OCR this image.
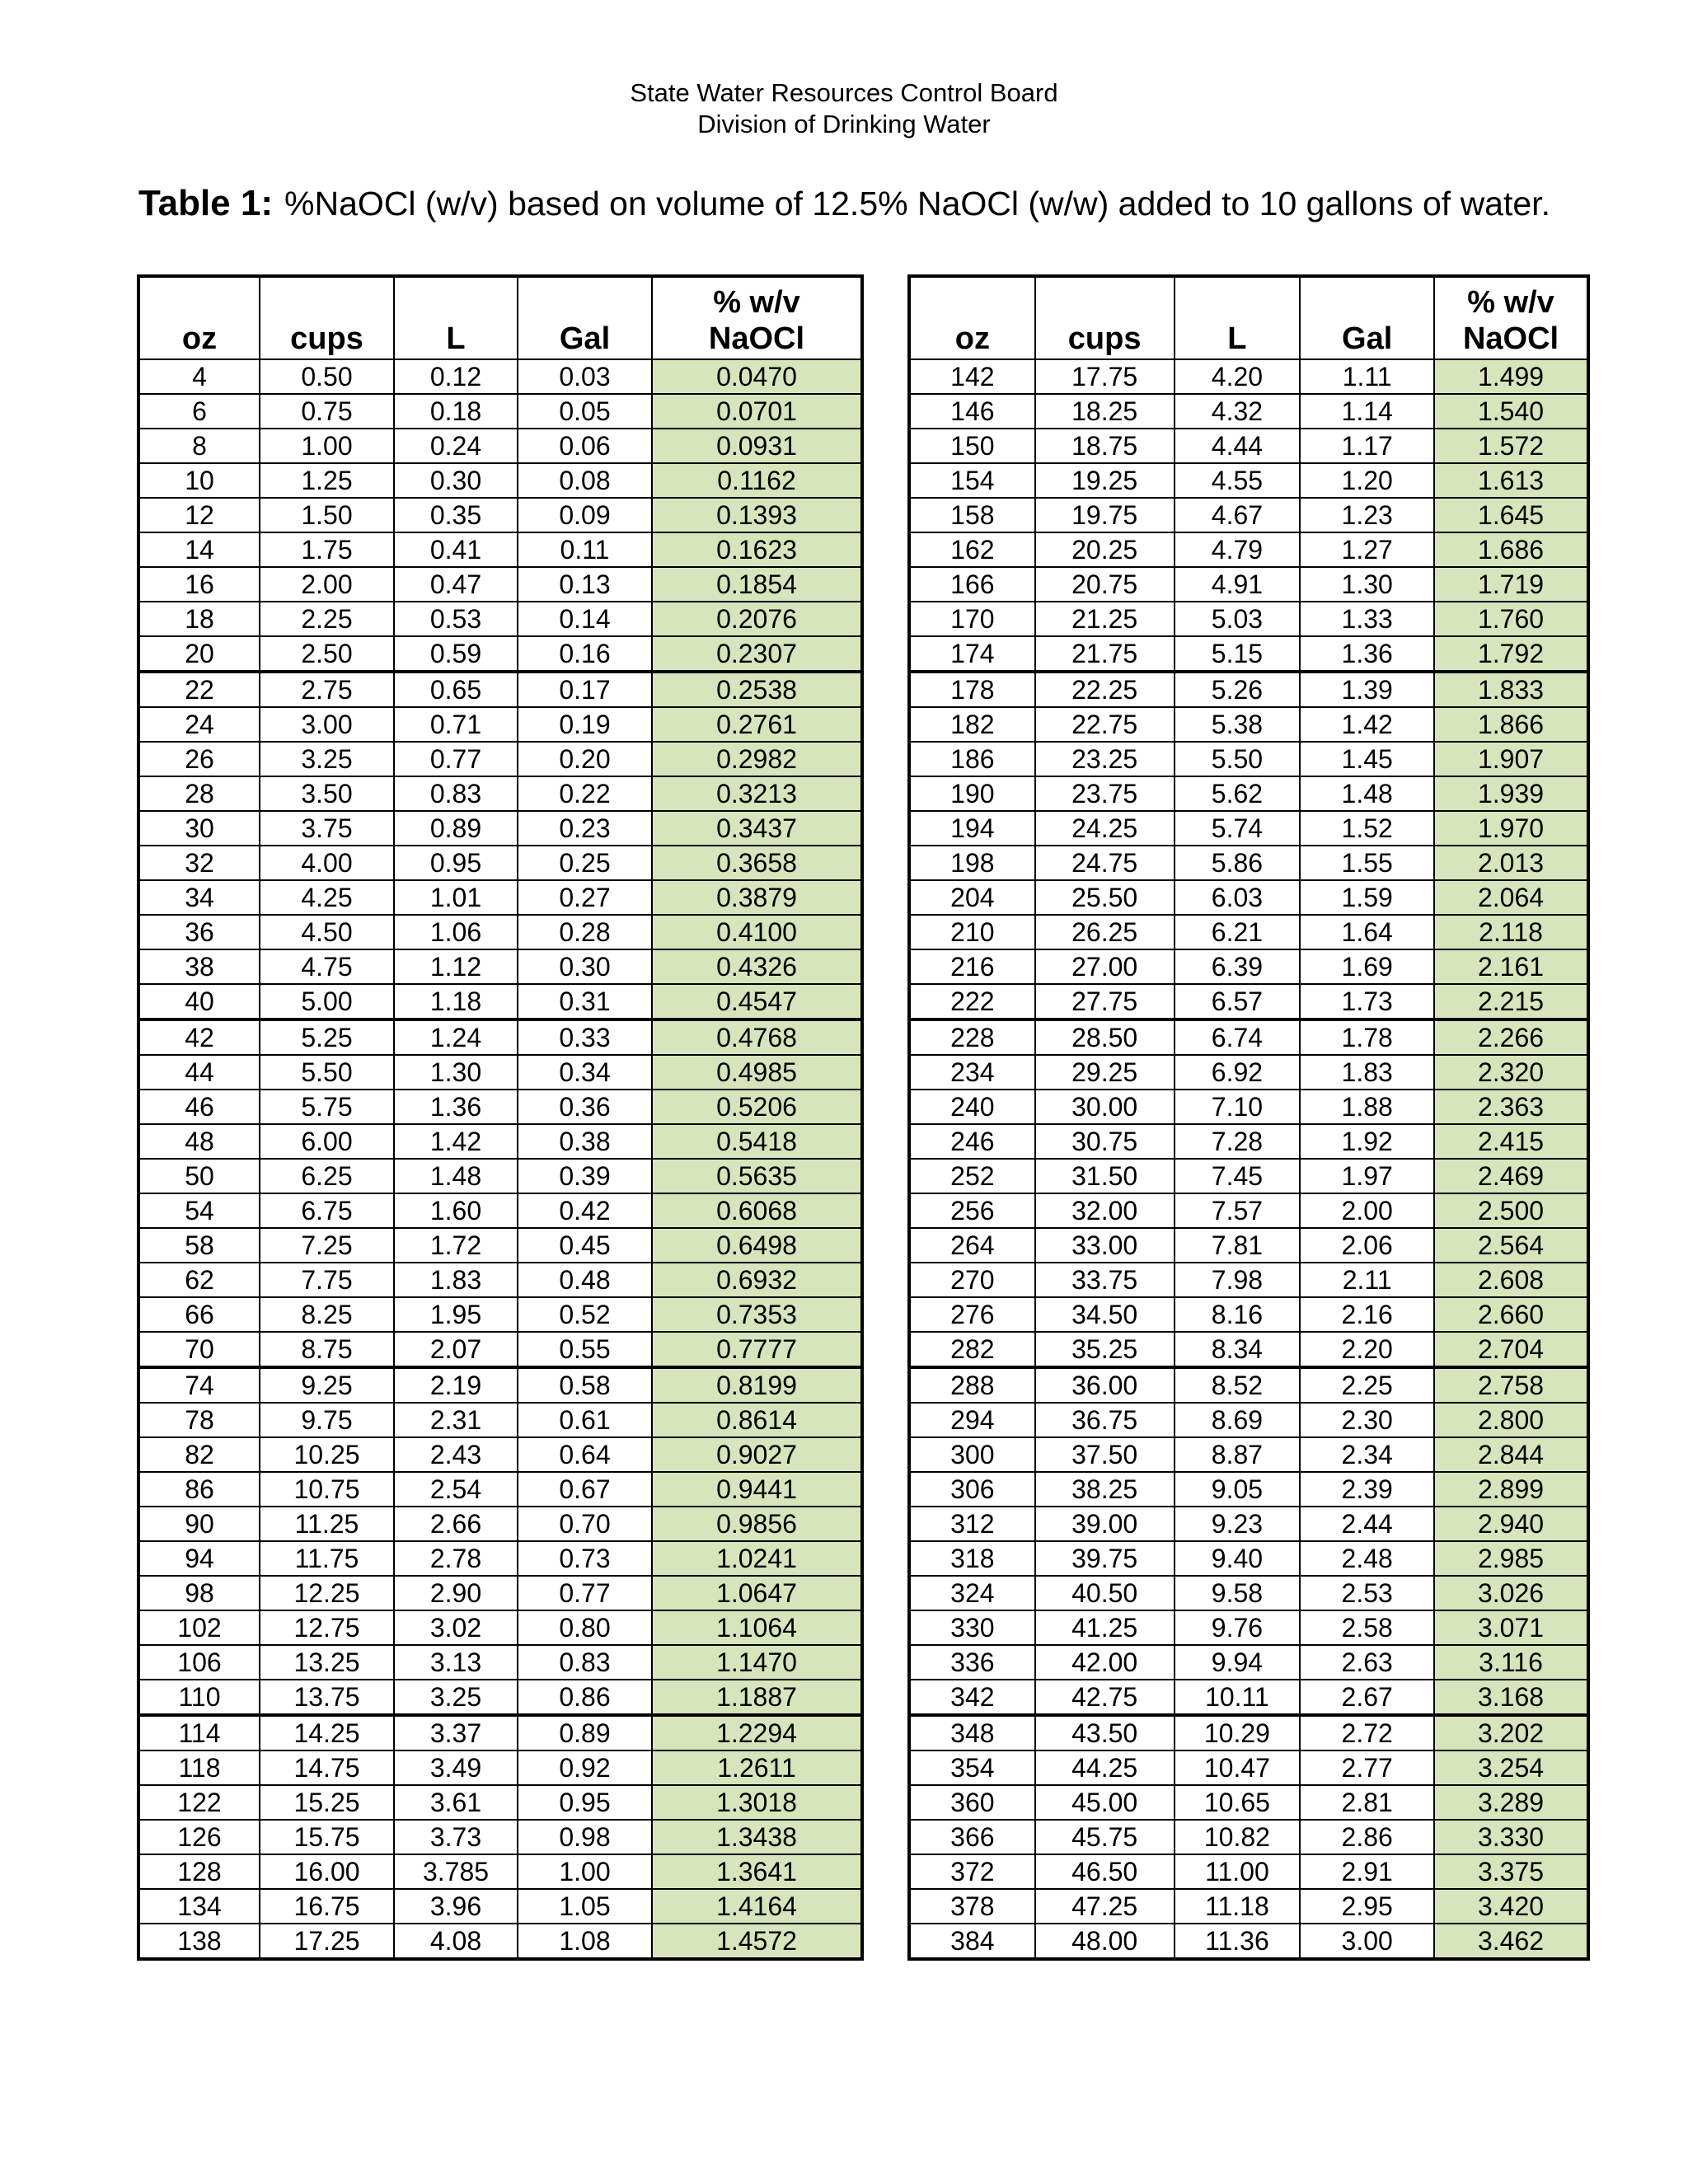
State Water Resources Control Board
Division of Drinking Water
Table 1: %NaOCl (w/v) based on volume of 12.5% NaOCl (w/w) added to 10 gallons of water.
oz	cups	L	Gal	% w/v
NaOCl
4	0.50	0.12	0.03	0.0470
6	0.75	0.18	0.05	0.0701
8	1.00	0.24	0.06	0.0931
10	1.25	0.30	0.08	0.1162
12	1.50	0.35	0.09	0.1393
14	1.75	0.41	0.11	0.1623
16	2.00	0.47	0.13	0.1854
18	2.25	0.53	0.14	0.2076
20	2.50	0.59	0.16	0.2307
22	2.75	0.65	0.17	0.2538
24	3.00	0.71	0.19	0.2761
26	3.25	0.77	0.20	0.2982
28	3.50	0.83	0.22	0.3213
30	3.75	0.89	0.23	0.3437
32	4.00	0.95	0.25	0.3658
34	4.25	1.01	0.27	0.3879
36	4.50	1.06	0.28	0.4100
38	4.75	1.12	0.30	0.4326
40	5.00	1.18	0.31	0.4547
42	5.25	1.24	0.33	0.4768
44	5.50	1.30	0.34	0.4985
46	5.75	1.36	0.36	0.5206
48	6.00	1.42	0.38	0.5418
50	6.25	1.48	0.39	0.5635
54	6.75	1.60	0.42	0.6068
58	7.25	1.72	0.45	0.6498
62	7.75	1.83	0.48	0.6932
66	8.25	1.95	0.52	0.7353
70	8.75	2.07	0.55	0.7777
74	9.25	2.19	0.58	0.8199
78	9.75	2.31	0.61	0.8614
82	10.25	2.43	0.64	0.9027
86	10.75	2.54	0.67	0.9441
90	11.25	2.66	0.70	0.9856
94	11.75	2.78	0.73	1.0241
98	12.25	2.90	0.77	1.0647
102	12.75	3.02	0.80	1.1064
106	13.25	3.13	0.83	1.1470
110	13.75	3.25	0.86	1.1887
114	14.25	3.37	0.89	1.2294
118	14.75	3.49	0.92	1.2611
122	15.25	3.61	0.95	1.3018
126	15.75	3.73	0.98	1.3438
128	16.00	3.785	1.00	1.3641
134	16.75	3.96	1.05	1.4164
138	17.25	4.08	1.08	1.4572
oz	cups	L	Gal	% w/v
NaOCl
142	17.75	4.20	1.11	1.499
146	18.25	4.32	1.14	1.540
150	18.75	4.44	1.17	1.572
154	19.25	4.55	1.20	1.613
158	19.75	4.67	1.23	1.645
162	20.25	4.79	1.27	1.686
166	20.75	4.91	1.30	1.719
170	21.25	5.03	1.33	1.760
174	21.75	5.15	1.36	1.792
178	22.25	5.26	1.39	1.833
182	22.75	5.38	1.42	1.866
186	23.25	5.50	1.45	1.907
190	23.75	5.62	1.48	1.939
194	24.25	5.74	1.52	1.970
198	24.75	5.86	1.55	2.013
204	25.50	6.03	1.59	2.064
210	26.25	6.21	1.64	2.118
216	27.00	6.39	1.69	2.161
222	27.75	6.57	1.73	2.215
228	28.50	6.74	1.78	2.266
234	29.25	6.92	1.83	2.320
240	30.00	7.10	1.88	2.363
246	30.75	7.28	1.92	2.415
252	31.50	7.45	1.97	2.469
256	32.00	7.57	2.00	2.500
264	33.00	7.81	2.06	2.564
270	33.75	7.98	2.11	2.608
276	34.50	8.16	2.16	2.660
282	35.25	8.34	2.20	2.704
288	36.00	8.52	2.25	2.758
294	36.75	8.69	2.30	2.800
300	37.50	8.87	2.34	2.844
306	38.25	9.05	2.39	2.899
312	39.00	9.23	2.44	2.940
318	39.75	9.40	2.48	2.985
324	40.50	9.58	2.53	3.026
330	41.25	9.76	2.58	3.071
336	42.00	9.94	2.63	3.116
342	42.75	10.11	2.67	3.168
348	43.50	10.29	2.72	3.202
354	44.25	10.47	2.77	3.254
360	45.00	10.65	2.81	3.289
366	45.75	10.82	2.86	3.330
372	46.50	11.00	2.91	3.375
378	47.25	11.18	2.95	3.420
384	48.00	11.36	3.00	3.462
